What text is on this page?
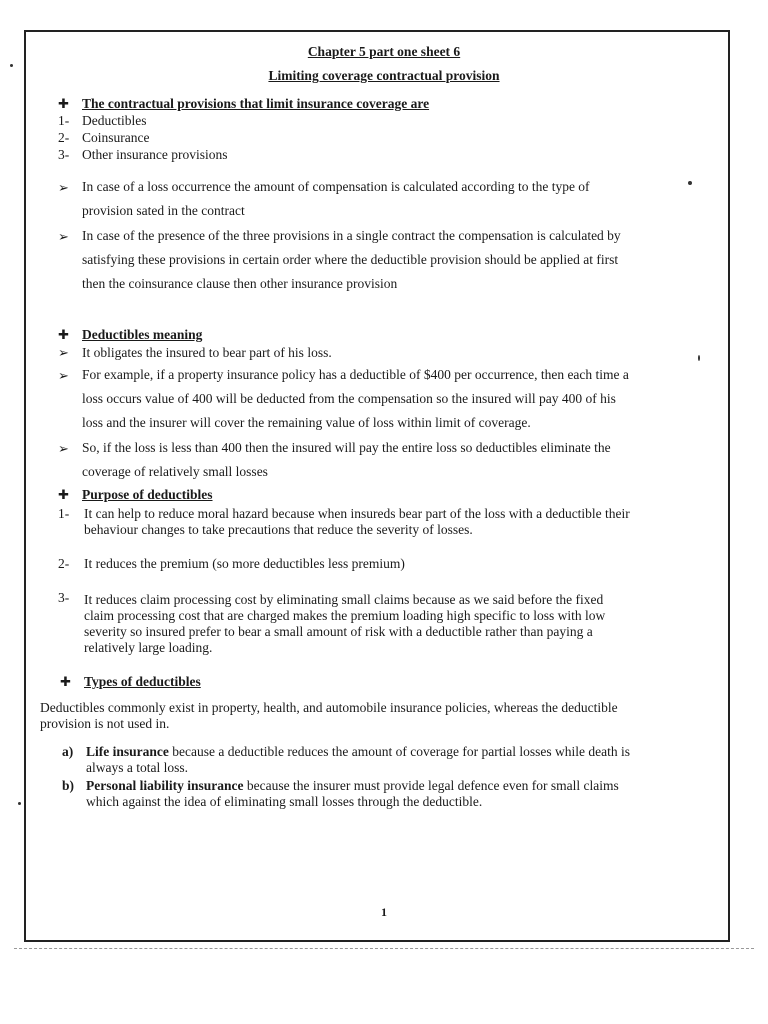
Chapter 5 part one sheet 6
Limiting coverage contractual provision
✚ The contractual provisions that limit insurance coverage are
1- Deductibles
2- Coinsurance
3- Other insurance provisions
➢ In case of a loss occurrence the amount of compensation is calculated according to the type of
provision sated in the contract
➢ In case of the presence of the three provisions in a single contract the compensation is calculated by
satisfying these provisions in certain order where the deductible provision should be applied at first
then the coinsurance clause then other insurance provision
✚ Deductibles meaning
➢ It obligates the insured to bear part of his loss.
➢ For example, if a property insurance policy has a deductible of $400 per occurrence, then each time a
loss occurs value of 400 will be deducted from the compensation so the insured will pay 400 of his
loss and the insurer will cover the remaining value of loss within limit of coverage.
➢ So, if the loss is less than 400 then the insured will pay the entire loss so deductibles eliminate the
coverage of relatively small losses
✚ Purpose of deductibles
1- It can help to reduce moral hazard because when insureds bear part of the loss with a deductible their
behaviour changes to take precautions that reduce the severity of losses.
2- It reduces the premium (so more deductibles less premium)
3- It reduces claim processing cost by eliminating small claims because as we said before the fixed
claim processing cost that are charged makes the premium loading high specific to loss with low
severity so insured prefer to bear a small amount of risk with a deductible rather than paying a
relatively large loading.
✚ Types of deductibles
Deductibles commonly exist in property, health, and automobile insurance policies, whereas the deductible
provision is not used in.
a) Life insurance because a deductible reduces the amount of coverage for partial losses while death is
always a total loss.
b) Personal liability insurance because the insurer must provide legal defence even for small claims
which against the idea of eliminating small losses through the deductible.
1
